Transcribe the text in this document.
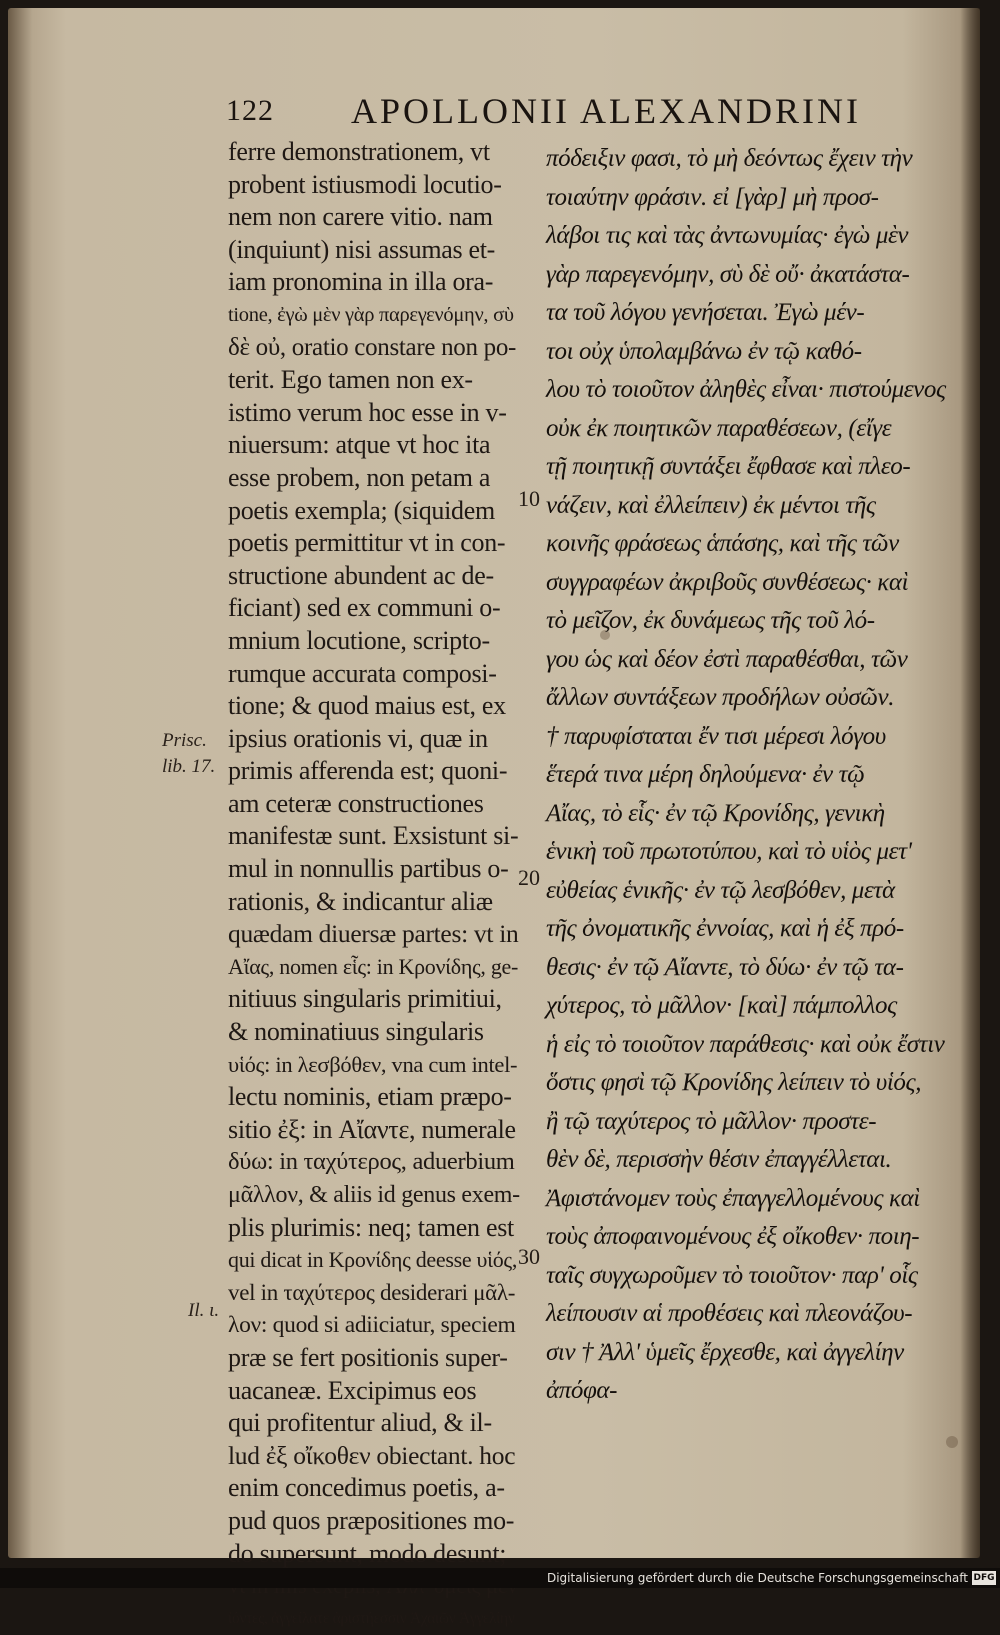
122 APOLLONII ALEXANDRINI
ferre demonstrationem, vt
probent istiusmodi locutio-
nem non carere vitio. nam
(inquiunt) nisi assumas et-
iam pronomina in illa ora-
tione, ἐγὼ μὲν γὰρ παρεγενόμην, σὺ
δὲ οὐ, oratio constare non po-
terit. Ego tamen non ex-
istimo verum hoc esse in v-
niuersum: atque vt hoc ita
esse probem, non petam a
poetis exempla; (siquidem
poetis permittitur vt in con-
structione abundent ac de-
ficiant) sed ex communi o-
mnium locutione, scripto-
rumque accurata composi-
tione; & quod maius est, ex
ipsius orationis vi, quæ in
primis afferenda est; quoni-
am ceteræ constructiones
manifestæ sunt. Exsistunt si-
mul in nonnullis partibus o-
rationis, & indicantur aliæ
quædam diuersæ partes: vt in
Αἴας, nomen εἷς: in Κρονίδης, ge-
nitiuus singularis primitiui,
& nominatiuus singularis
υἱός: in λεσβόθεν, vna cum intel-
lectu nominis, etiam præpo-
sitio ἐξ: in Αἴαντε, numerale
δύω: in ταχύτερος, aduerbium
μᾶλλον, & aliis id genus exem-
plis plurimis: neq; tamen est
qui dicat in Κρονίδης deesse υἱός,
vel in ταχύτερος desiderari μᾶλ-
λον: quod si adiiciatur, speciem
præ se fert positionis super-
uacaneæ. Excipimus eos
qui profitentur aliud, & il-
lud ἐξ οἴκοθεν obiectant. hoc
enim concedimus poetis, a-
pud quos præpositiones mo-
do supersunt, modo desunt;
ἰόντες, ἀγγείλατε ἀριστήεσσιν Ἀχαιῶν Ἀγγελίην
πόδειξιν φασι, τὸ μὴ δεόντως ἔχειν τὴν
τοιαύτην φράσιν. εἰ [γὰρ] μὴ προσ-
λάβοι τις καὶ τὰς ἀντωνυμίας· ἐγὼ μὲν
γὰρ παρεγενόμην, σὺ δὲ οὔ· ἀκατάστα-
τα τοῦ λόγου γενήσεται. Ἐγὼ μέν-
τοι οὐχ ὑπολαμβάνω ἐν τῷ καθό-
λου τὸ τοιοῦτον ἀληθὲς εἶναι· πιστούμενος
οὐκ ἐκ ποιητικῶν παραθέσεων, (εἴγε
τῇ ποιητικῇ συντάξει ἔφθασε καὶ πλεο-
νάζειν, καὶ ἐλλείπειν) ἐκ μέντοι τῆς
κοινῆς φράσεως ἁπάσης, καὶ τῆς τῶν
συγγραφέων ἀκριβοῦς συνθέσεως· καὶ
τὸ μεῖζον, ἐκ δυνάμεως τῆς τοῦ λό-
γου ὡς καὶ δέον ἐστὶ παραθέσθαι, τῶν
ἄλλων συντάξεων προδήλων οὐσῶν.
† παρυφίσταται ἔν τισι μέρεσι λόγου
ἕτερά τινα μέρη δηλούμενα· ἐν τῷ
Αἴας, τὸ εἷς· ἐν τῷ Κρονίδης, γενικὴ
ἑνικὴ τοῦ πρωτοτύπου, καὶ τὸ υἱὸς μετ'
εὐθείας ἑνικῆς· ἐν τῷ λεσβόθεν, μετὰ
τῆς ὀνοματικῆς ἐννοίας, καὶ ἡ ἐξ πρό-
θεσις· ἐν τῷ Αἴαντε, τὸ δύω· ἐν τῷ τα-
χύτερος, τὸ μᾶλλον· [καὶ] πάμπολλος
ἡ εἰς τὸ τοιοῦτον παράθεσις· καὶ οὐκ ἔστιν
ὅστις φησὶ τῷ Κρονίδης λείπειν τὸ υἱός,
ἢ τῷ ταχύτερος τὸ μᾶλλον· προστε-
θὲν δὲ, περισσὴν θέσιν ἐπαγγέλλεται.
Ἀφιστάνομεν τοὺς ἐπαγγελλομένους καὶ
τοὺς ἀποφαινομένους ἐξ οἴκοθεν· ποιη-
ταῖς συγχωροῦμεν τὸ τοιοῦτον· παρ' οἷς
λείπουσιν αἱ προθέσεις καὶ πλεονάζου-
σιν † Ἀλλ' ὑμεῖς ἔρχεσθε, καὶ ἀγγελίην
ἀπόφα-
Prisc.
lib. 17.
Il. ι.
10
20
30
Digitalisierung gefördert durch die Deutsche Forschungsgemeinschaft DFG
